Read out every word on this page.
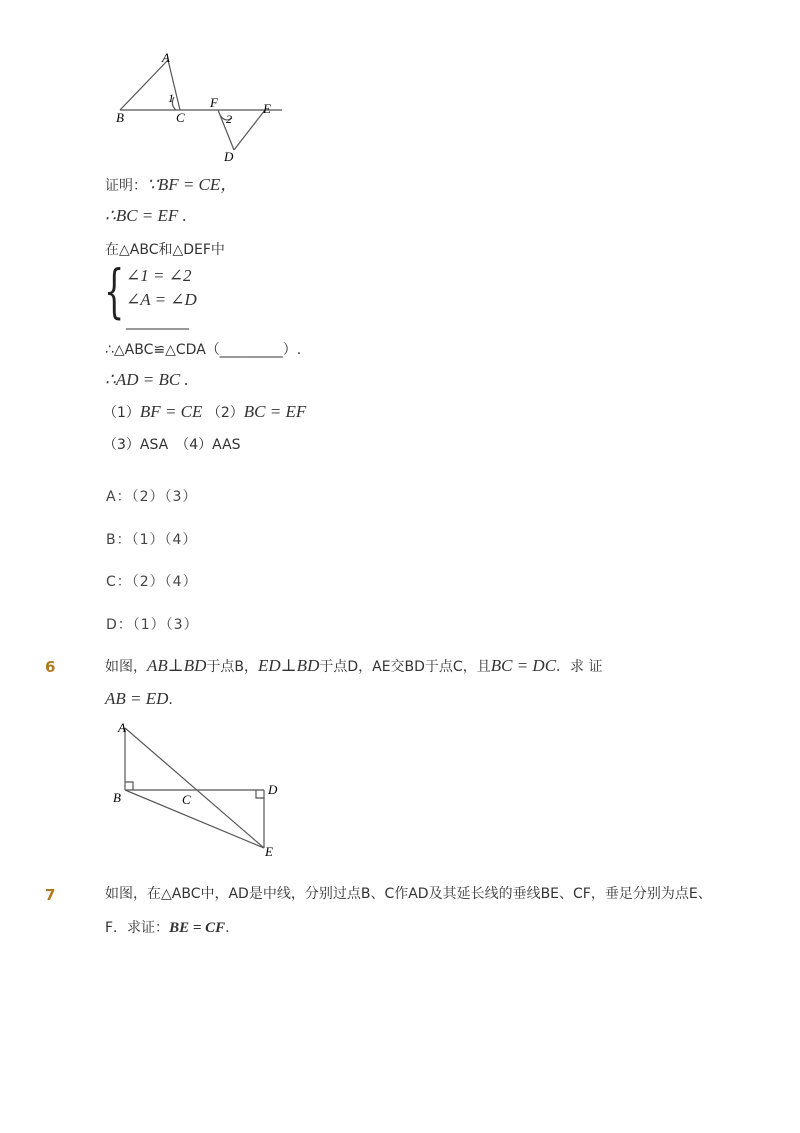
A
B	C
F	E
D
1
2
证明：∵BF = CE，
∴BC = EF .
在△ABC和△DEF中
{ ∠1 = ∠2
∠A = ∠D
_________
∴△ABC≌△CDA（_________）.
∴AD = BC .
（1）BF = CE （2）BC = EF
（3）ASA　（4）AAS
A：（2）（3）
B：（1）（4）
C：（2）（4）
D：（1）（3）
6	如图，AB⊥BD于点B，ED⊥BD于点D，AE交BD于点C，且BC = DC．求 证
AB = ED.
A
B	C
D
E
7	如图，在△ABC中，AD是中线，分别过点B、C作AD及其延长线的垂线BE、CF，垂足分别为点E、
F．求证：BE = CF.
